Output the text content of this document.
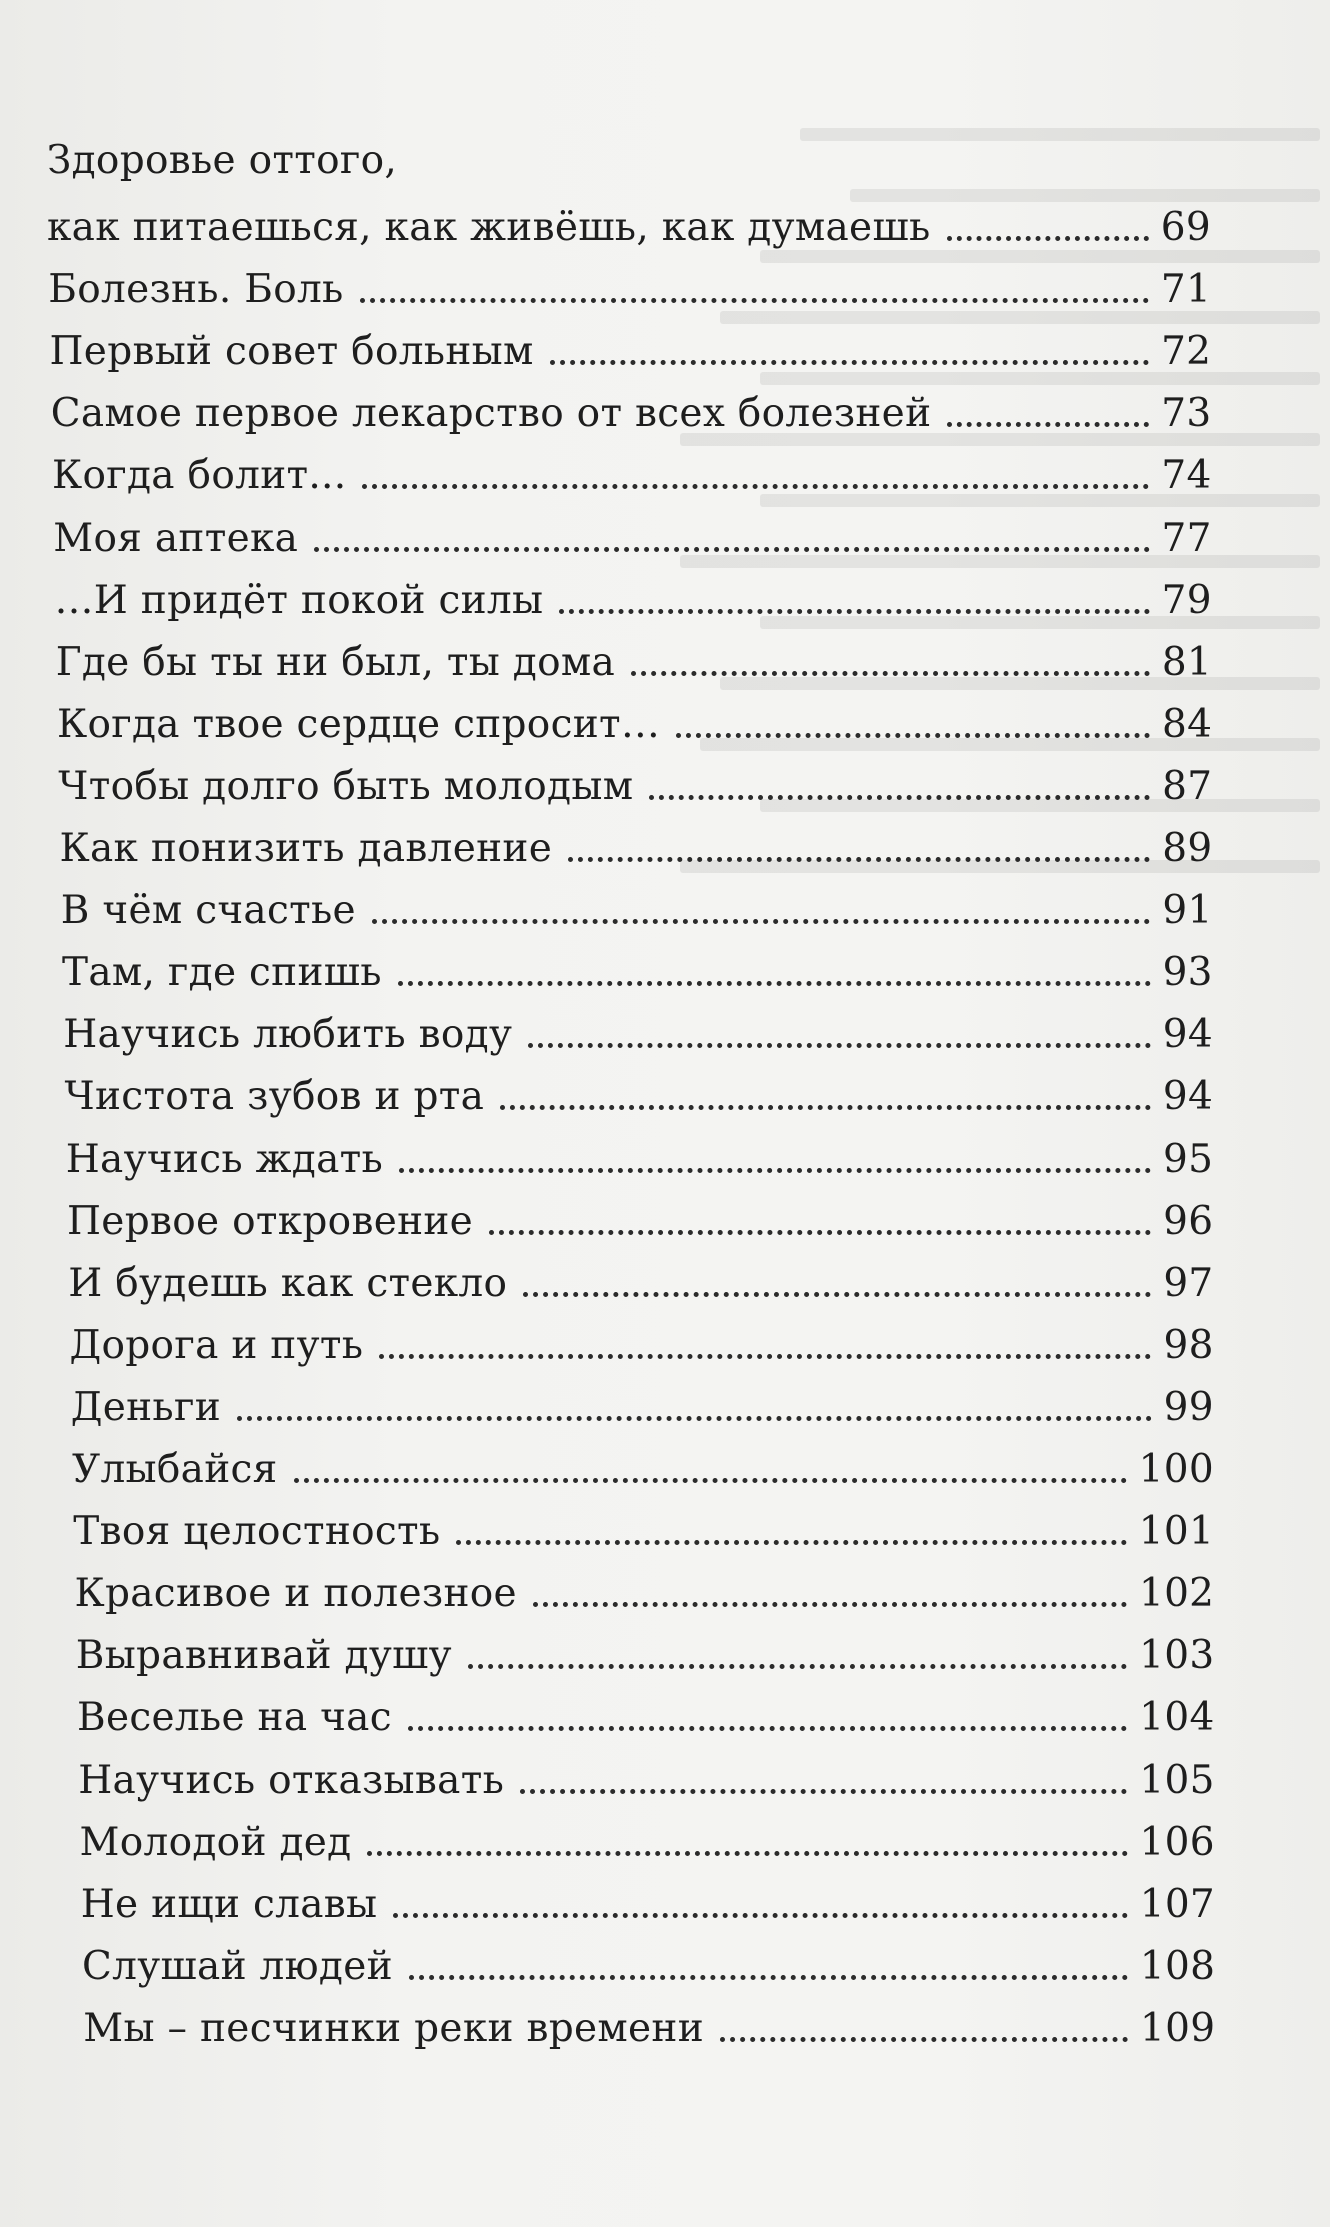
Здоровье оттого,
как питаешься, как живёшь, как думаешь	69
Болезнь. Боль	71
Первый совет больным	72
Самое первое лекарство от всех болезней	73
Когда болит...	74
Моя аптека	77
…И придёт покой силы	79
Где бы ты ни был, ты дома	81
Когда твое сердце спросит…	84
Чтобы долго быть молодым	87
Как понизить давление	89
В чём счастье	91
Там, где спишь	93
Научись любить воду	94
Чистота зубов и рта	94
Научись ждать	95
Первое откровение	96
И будешь как стекло	97
Дорога и путь	98
Деньги	99
Улыбайся	100
Твоя целостность	101
Красивое и полезное	102
Выравнивай душу	103
Веселье на час	104
Научись отказывать	105
Молодой дед	106
Не ищи славы	107
Слушай людей	108
Мы – песчинки реки времени	109
